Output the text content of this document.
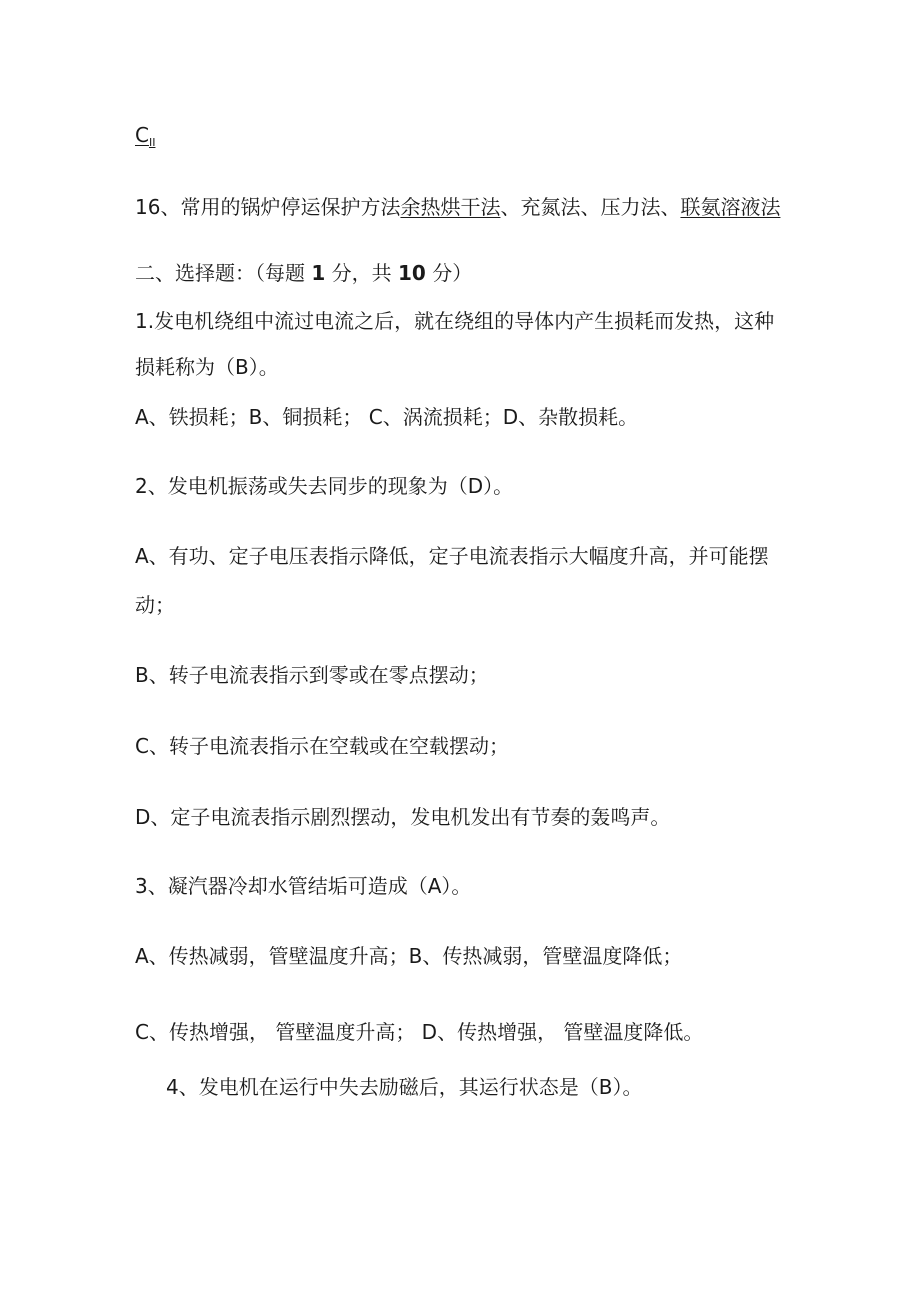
$C_{II}$
16、常用的锅炉停运保护方法余热烘干法、充氮法、压力法、联氨溶液法
二、选择题：（每题 1 分，共 10 分）
1.发电机绕组中流过电流之后，就在绕组的导体内产生损耗而发热，这种
损耗称为（B）。
A、铁损耗；B、铜损耗； C、涡流损耗；D、杂散损耗。
2、发电机振荡或失去同步的现象为（D）。
A、有功、定子电压表指示降低，定子电流表指示大幅度升高，并可能摆
动；
B、转子电流表指示到零或在零点摆动；
C、转子电流表指示在空载或在空载摆动；
D、定子电流表指示剧烈摆动，发电机发出有节奏的轰鸣声。
3、凝汽器冷却水管结垢可造成（A）。
A、传热减弱，管壁温度升高；B、传热减弱，管壁温度降低；
C、传热增强， 管壁温度升高； D、传热增强， 管壁温度降低。
4、发电机在运行中失去励磁后，其运行状态是（B）。
